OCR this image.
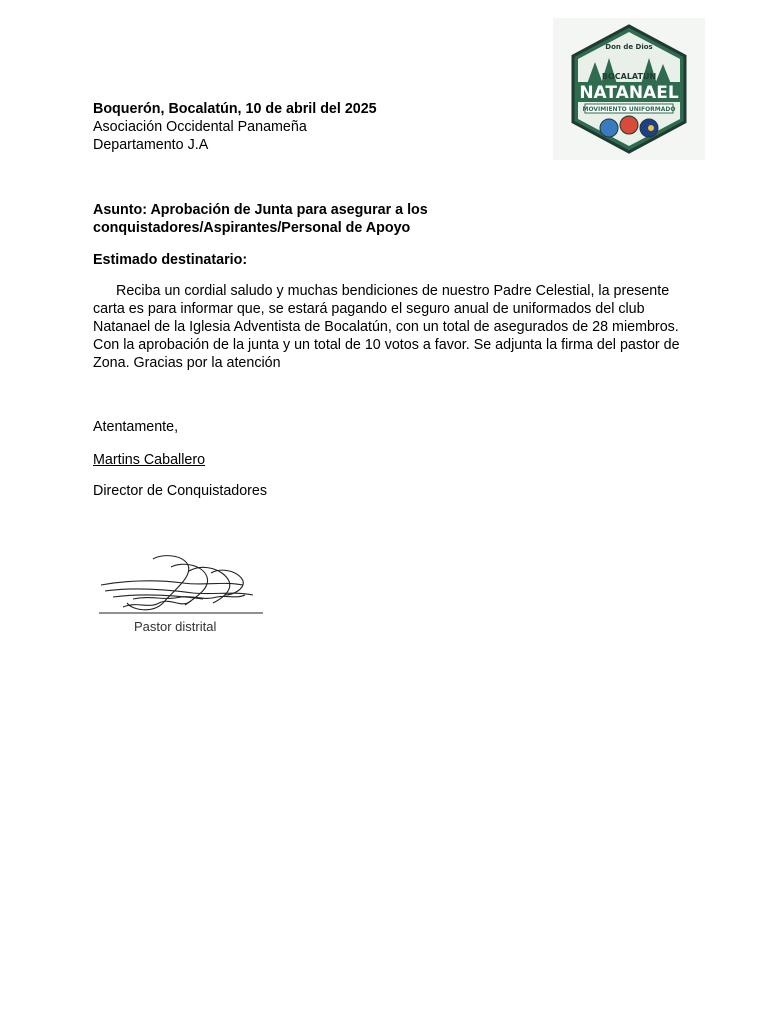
Don de Dios
BOCALATÚN
NATANAEL
MOVIMIENTO UNIFORMADO
Boquerón, Bocalatún, 10 de abril del 2025
Asociación Occidental Panameña
Departamento J.A
Asunto: Aprobación de Junta para asegurar a los
conquistadores/Aspirantes/Personal de Apoyo
Estimado destinatario:
Reciba un cordial saludo y muchas bendiciones de nuestro Padre Celestial, la presente
carta es para informar que, se estará pagando el seguro anual de uniformados del club
Natanael de la Iglesia Adventista de Bocalatún, con un total de asegurados de 28 miembros.
Con la aprobación de la junta y un total de 10 votos a favor. Se adjunta la firma del pastor de
Zona. Gracias por la atención
Atentamente,
Martins Caballero
Director de Conquistadores
Pastor distrital
